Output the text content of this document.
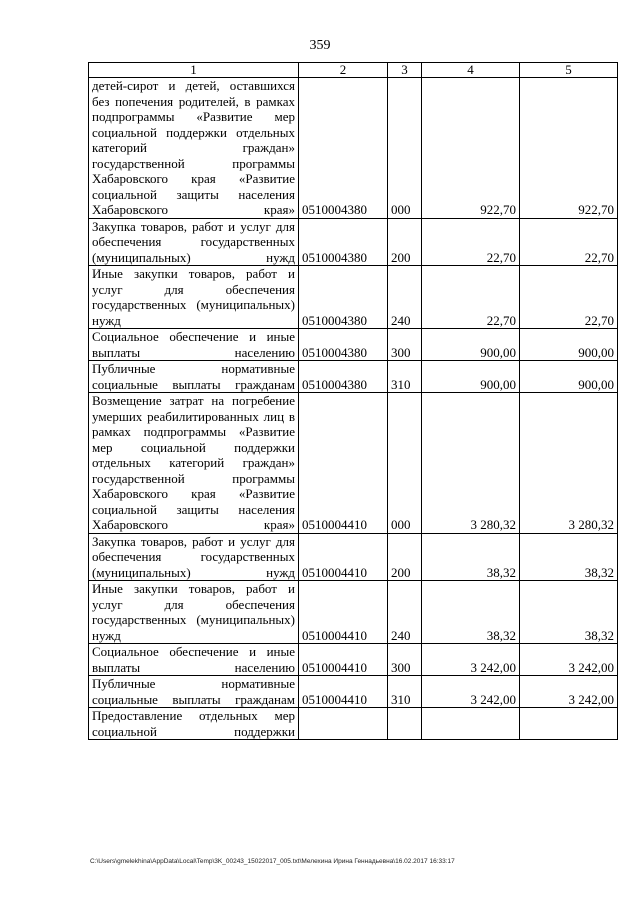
359
1	2	3	4	5
детей-сирот и детей, оставшихся без попечения родителей, в рамках подпрограммы «Развитие мер социальной поддержки отдельных категорий граждан» государственной программы Хабаровского края «Развитие социальной защиты населения Хабаровского края»	0510004380	000	922,70	922,70
Закупка товаров, работ и услуг для обеспечения государственных (муниципальных) нужд	0510004380	200	22,70	22,70
Иные закупки товаров, работ и услуг для обеспечения государственных (муниципальных) нужд	0510004380	240	22,70	22,70
Социальное обеспечение и иные выплаты населению	0510004380	300	900,00	900,00
Публичные нормативные социальные выплаты гражданам	0510004380	310	900,00	900,00
Возмещение затрат на погребение умерших реабилитированных лиц в рамках подпрограммы «Развитие мер социальной поддержки отдельных категорий граждан» государственной программы Хабаровского края «Развитие социальной защиты населения Хабаровского края»	0510004410	000	3 280,32	3 280,32
Закупка товаров, работ и услуг для обеспечения государственных (муниципальных) нужд	0510004410	200	38,32	38,32
Иные закупки товаров, работ и услуг для обеспечения государственных (муниципальных) нужд	0510004410	240	38,32	38,32
Социальное обеспечение и иные выплаты населению	0510004410	300	3 242,00	3 242,00
Публичные нормативные социальные выплаты гражданам	0510004410	310	3 242,00	3 242,00
Предоставление отдельных мер социальной поддержки				
C:\Users\gmelekhina\AppData\Local\Temp\3K_00243_15022017_005.txt\Мелехина Ирина Геннадьевна\16.02.2017 16:33:17
